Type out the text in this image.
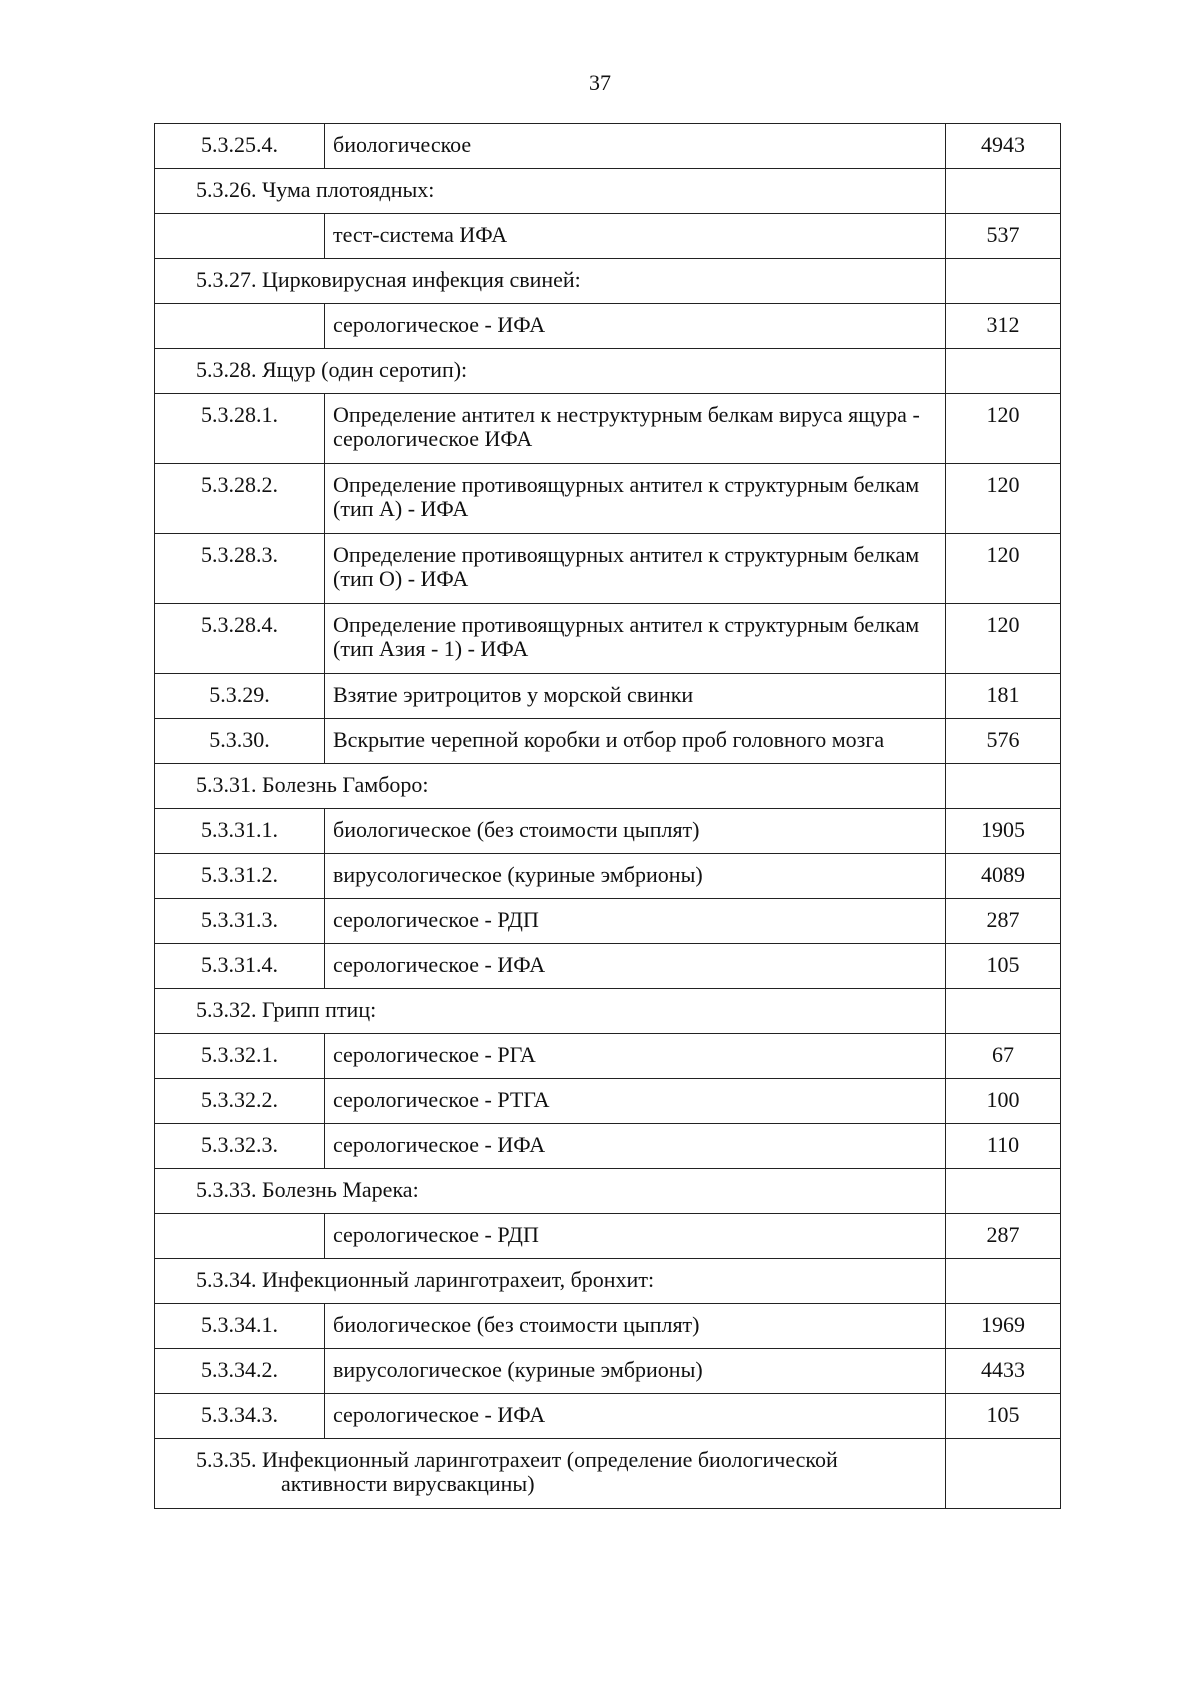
37
5.3.25.4.	биологическое	4943
5.3.26. Чума плотоядных:		
	тест-система ИФА	537
5.3.27. Цирковирусная инфекция свиней:		
	серологическое - ИФА	312
5.3.28. Ящур (один серотип):		
5.3.28.1.	Определение антител к неструктурным белкам вируса ящура - серологическое ИФА	120
5.3.28.2.	Определение противоящурных антител к структурным белкам (тип А) - ИФА	120
5.3.28.3.	Определение противоящурных антител к структурным белкам (тип О) - ИФА	120
5.3.28.4.	Определение противоящурных антител к структурным белкам (тип Азия - 1) - ИФА	120
5.3.29.	Взятие эритроцитов у морской свинки	181
5.3.30.	Вскрытие черепной коробки и отбор проб головного мозга	576
5.3.31. Болезнь Гамборо:		
5.3.31.1.	биологическое (без стоимости цыплят)	1905
5.3.31.2.	вирусологическое (куриные эмбрионы)	4089
5.3.31.3.	серологическое - РДП	287
5.3.31.4.	серологическое - ИФА	105
5.3.32. Грипп птиц:		
5.3.32.1.	серологическое - РГА	67
5.3.32.2.	серологическое - РТГА	100
5.3.32.3.	серологическое - ИФА	110
5.3.33. Болезнь Марека:		
	серологическое - РДП	287
5.3.34. Инфекционный ларинготрахеит, бронхит:		
5.3.34.1.	биологическое (без стоимости цыплят)	1969
5.3.34.2.	вирусологическое (куриные эмбрионы)	4433
5.3.34.3.	серологическое - ИФА	105
5.3.35. Инфекционный ларинготрахеит (определение биологической
активности вирусвакцины)		
